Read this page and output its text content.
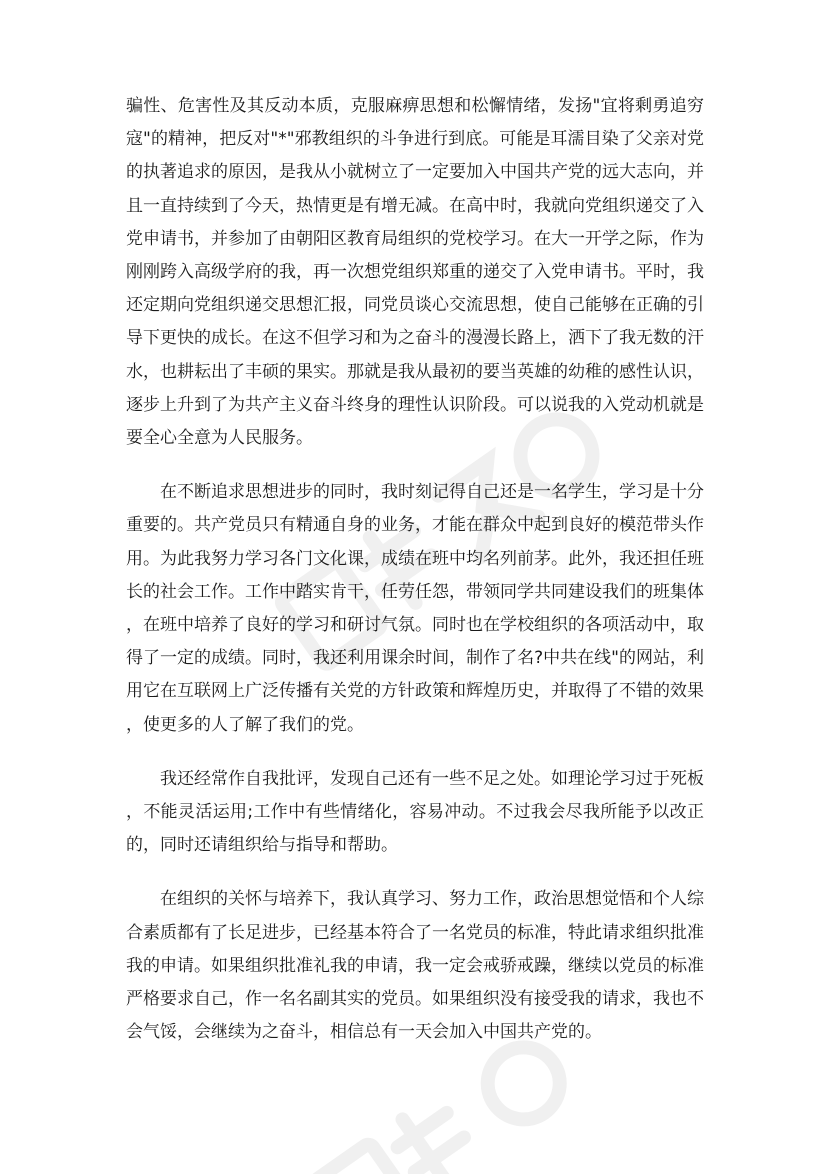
骗性、危害性及其反动本质，克服麻痹思想和松懈情绪，发扬"宜将剩勇追穷寇"的精神，把反对"*"邪教组织的斗争进行到底。可能是耳濡目染了父亲对党的执著追求的原因，是我从小就树立了一定要加入中国共产党的远大志向，并且一直持续到了今天，热情更是有增无减。在高中时，我就向党组织递交了入党申请书，并参加了由朝阳区教育局组织的党校学习。在大一开学之际，作为刚刚跨入高级学府的我，再一次想党组织郑重的递交了入党申请书。平时，我还定期向党组织递交思想汇报，同党员谈心交流思想，使自己能够在正确的引导下更快的成长。在这不但学习和为之奋斗的漫漫长路上，洒下了我无数的汗水，也耕耘出了丰硕的果实。那就是我从最初的要当英雄的幼稚的感性认识，逐步上升到了为共产主义奋斗终身的理性认识阶段。可以说我的入党动机就是要全心全意为人民服务。

在不断追求思想进步的同时，我时刻记得自己还是一名学生，学习是十分重要的。共产党员只有精通自身的业务，才能在群众中起到良好的模范带头作用。为此我努力学习各门文化课，成绩在班中均名列前茅。此外，我还担任班长的社会工作。工作中踏实肯干，任劳任怨，带领同学共同建设我们的班集体，在班中培养了良好的学习和研讨气氛。同时也在学校组织的各项活动中，取得了一定的成绩。同时，我还利用课余时间，制作了名?中共在线"的网站，利用它在互联网上广泛传播有关党的方针政策和辉煌历史，并取得了不错的效果，使更多的人了解了我们的党。

我还经常作自我批评，发现自己还有一些不足之处。如理论学习过于死板，不能灵活运用;工作中有些情绪化，容易冲动。不过我会尽我所能予以改正的，同时还请组织给与指导和帮助。

在组织的关怀与培养下，我认真学习、努力工作，政治思想觉悟和个人综合素质都有了长足进步，已经基本符合了一名党员的标准，特此请求组织批准我的申请。如果组织批准礼我的申请，我一定会戒骄戒躁，继续以党员的标准严格要求自己，作一名名副其实的党员。如果组织没有接受我的请求，我也不会气馁，会继续为之奋斗，相信总有一天会加入中国共产党的。
